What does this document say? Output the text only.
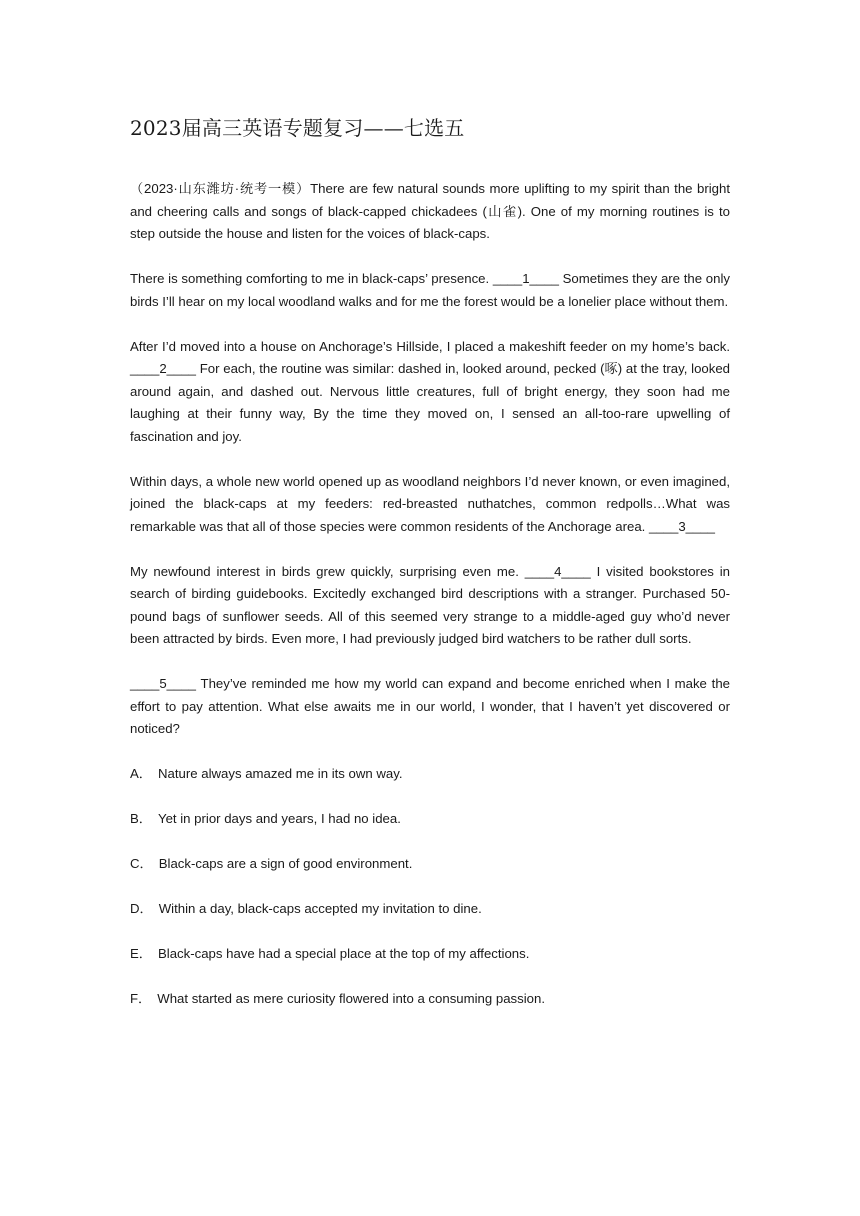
2023届高三英语专题复习——七选五

（2023·山东潍坊·统考一模）There are few natural sounds more uplifting to my spirit than the bright and cheering calls and songs of black-capped chickadees (山雀). One of my morning routines is to step outside the house and listen for the voices of black-caps.

There is something comforting to me in black-caps’ presence. ____1____ Sometimes they are the only birds I’ll hear on my local woodland walks and for me the forest would be a lonelier place without them.

After I’d moved into a house on Anchorage’s Hillside, I placed a makeshift feeder on my home’s back. ____2____ For each, the routine was similar: dashed in, looked around, pecked (啄) at the tray, looked around again, and dashed out. Nervous little creatures, full of bright energy, they soon had me laughing at their funny way, By the time they moved on, I sensed an all-too-rare upwelling of fascination and joy.

Within days, a whole new world opened up as woodland neighbors I’d never known, or even imagined, joined the black-caps at my feeders: red-breasted nuthatches, common redpolls…What was remarkable was that all of those species were common residents of the Anchorage area. ____3____

My newfound interest in birds grew quickly, surprising even me. ____4____ I visited bookstores in search of birding guidebooks. Excitedly exchanged bird descriptions with a stranger. Purchased 50-pound bags of sunflower seeds. All of this seemed very strange to a middle-aged guy who’d never been attracted by birds. Even more, I had previously judged bird watchers to be rather dull sorts.

____5____ They’ve reminded me how my world can expand and become enriched when I make the effort to pay attention. What else awaits me in our world, I wonder, that I haven’t yet discovered or noticed?

A． Nature always amazed me in its own way.
B． Yet in prior days and years, I had no idea.
C． Black-caps are a sign of good environment.
D． Within a day, black-caps accepted my invitation to dine.
E． Black-caps have had a special place at the top of my affections.
F． What started as mere curiosity flowered into a consuming passion.
